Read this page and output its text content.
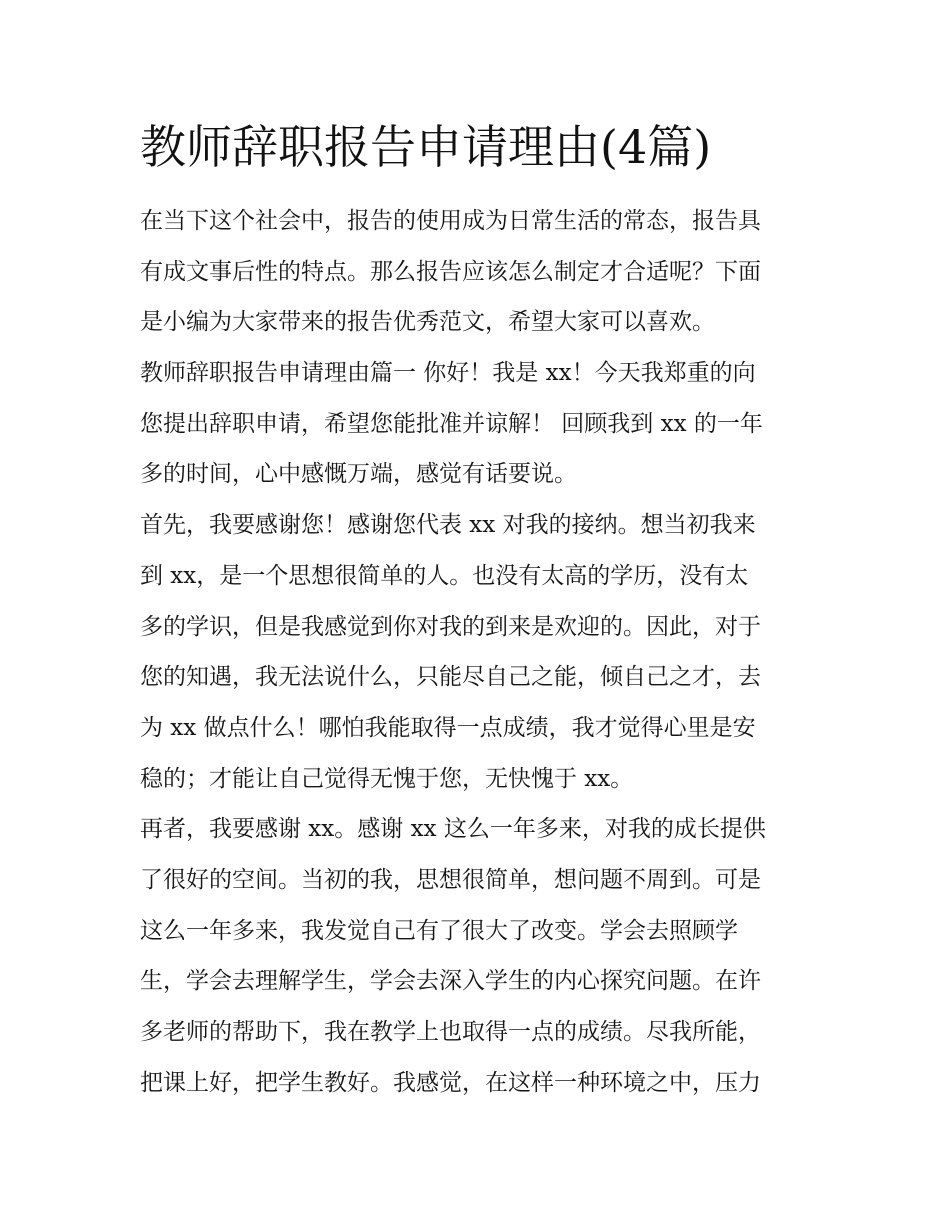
教师辞职报告申请理由(4篇)
在当下这个社会中，报告的使用成为日常生活的常态，报告具
有成文事后性的特点。那么报告应该怎么制定才合适呢？下面
是小编为大家带来的报告优秀范文，希望大家可以喜欢。
教师辞职报告申请理由篇一 你好！我是 xx！今天我郑重的向
您提出辞职申请，希望您能批准并谅解！ 回顾我到 xx 的一年
多的时间，心中感慨万端，感觉有话要说。
首先，我要感谢您！感谢您代表 xx 对我的接纳。想当初我来
到 xx，是一个思想很简单的人。也没有太高的学历，没有太
多的学识，但是我感觉到你对我的到来是欢迎的。因此，对于
您的知遇，我无法说什么，只能尽自己之能，倾自己之才，去
为 xx 做点什么！哪怕我能取得一点成绩，我才觉得心里是安
稳的；才能让自己觉得无愧于您，无快愧于 xx。
再者，我要感谢 xx。感谢 xx 这么一年多来，对我的成长提供
了很好的空间。当初的我，思想很简单，想问题不周到。可是
这么一年多来，我发觉自己有了很大了改变。学会去照顾学
生，学会去理解学生，学会去深入学生的内心探究问题。在许
多老师的帮助下，我在教学上也取得一点的成绩。尽我所能，
把课上好，把学生教好。我感觉，在这样一种环境之中，压力
